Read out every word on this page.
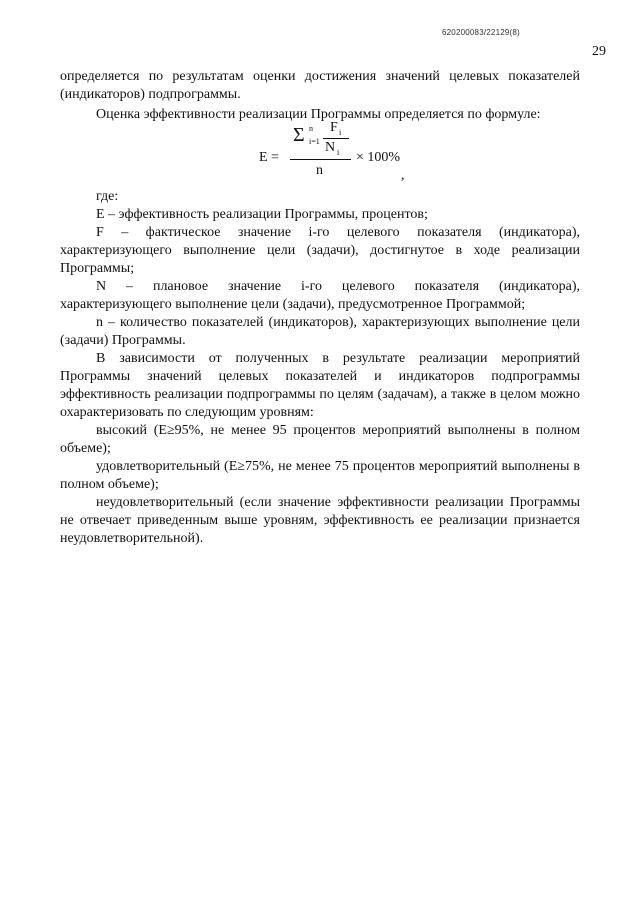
620200083/22129(8)
29

определяется по результатам оценки достижения значений целевых показателей (индикаторов) подпрограммы.

Оценка эффективности реализации Программы определяется по формуле:

E =
Σ n
i=1
F i
N i
n
× 100%
,

где:

E – эффективность реализации Программы, процентов;

F – фактическое значение i-го целевого показателя (индикатора), характеризующего выполнение цели (задачи), достигнутое в ходе реализации Программы;

N – плановое значение i-го целевого показателя (индикатора), характеризующего выполнение цели (задачи), предусмотренное Программой;

n – количество показателей (индикаторов), характеризующих выполнение цели (задачи) Программы.

В зависимости от полученных в результате реализации мероприятий Программы значений целевых показателей и индикаторов подпрограммы эффективность реализации подпрограммы по целям (задачам), а также в целом можно охарактеризовать по следующим уровням:

высокий (E≥95%, не менее 95 процентов мероприятий выполнены в полном объеме);

удовлетворительный (E≥75%, не менее 75 процентов мероприятий выполнены в полном объеме);

неудовлетворительный (если значение эффективности реализации Программы не отвечает приведенным выше уровням, эффективность ее реализации признается неудовлетворительной).
